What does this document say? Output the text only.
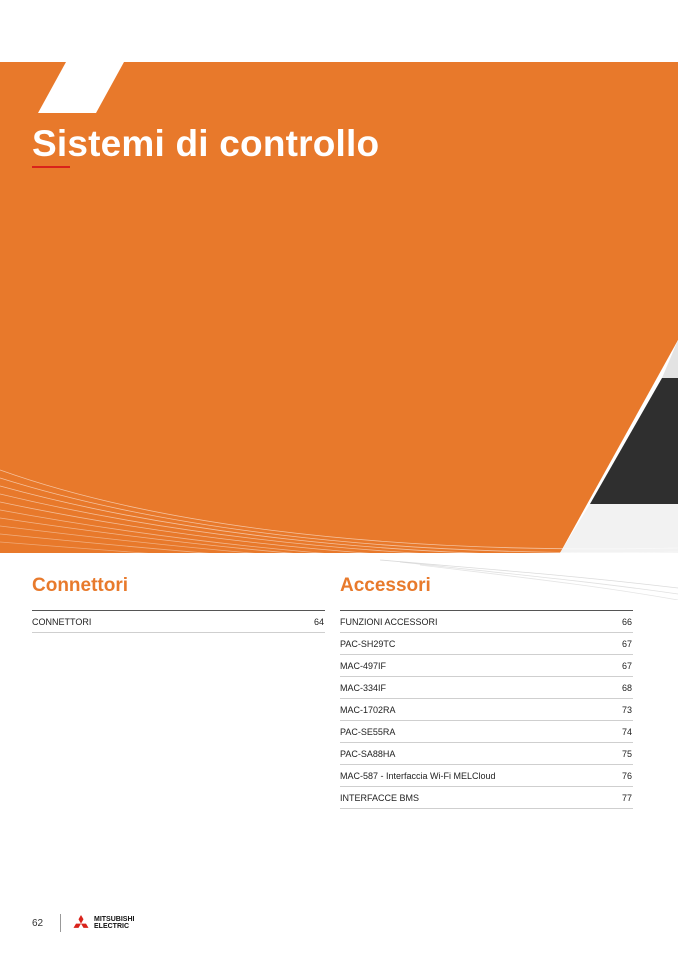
Sistemi di controllo
Connettori
CONNETTORI	64
Accessori
FUNZIONI ACCESSORI	66
PAC-SH29TC	67
MAC-497IF	67
MAC-334IF	68
MAC-1702RA	73
PAC-SE55RA	74
PAC-SA88HA	75
MAC-587 - Interfaccia Wi-Fi MELCloud	76
INTERFACCE BMS	77
62	MITSUBISHI
ELECTRIC
